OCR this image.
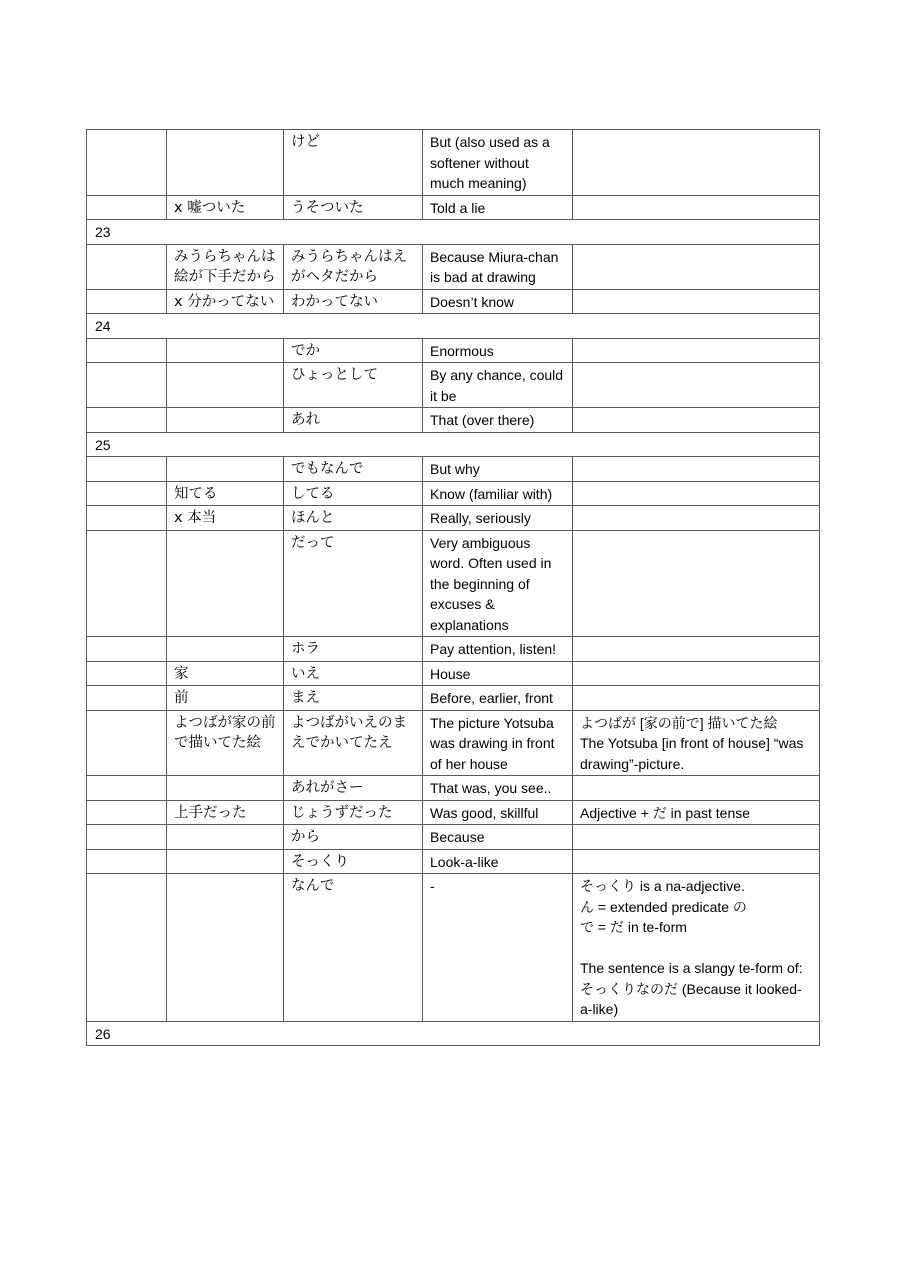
		けど	But (also used as a softener without much meaning)	
	x 嘘ついた	うそついた	Told a lie	
23				
	みうらちゃんは絵が下手だから	みうらちゃんはえがヘタだから	Because Miura-chan is bad at drawing	
	x 分かってない	わかってない	Doesn’t know	
24				
		でか	Enormous	
		ひょっとして	By any chance, could it be	
		あれ	That (over there)	
25				
		でもなんで	But why	
	知てる	してる	Know (familiar with)	
	x 本当	ほんと	Really, seriously	
		だって	Very ambiguous word. Often used in the beginning of excuses & explanations	
		ホラ	Pay attention, listen!	
	家	いえ	House	
	前	まえ	Before, earlier, front	
	よつばが家の前で描いてた絵	よつばがいえのまえでかいてたえ	The picture Yotsuba was drawing in front of her house	よつばが [家の前で] 描いてた絵
The Yotsuba [in front of house] “was drawing”-picture.

		あれがさー	That was, you see..	
	上手だった	じょうずだった	Was good, skillful	Adjective + だ in past tense

		から	Because	
		そっくり	Look-a-like	
		なんで	-	そっくり is a na-adjective.
ん = extended predicate の
で = だ in te-form
The sentence is a slangy te-form of:
そっくりなのだ (Because it looked-a-like)

26				
